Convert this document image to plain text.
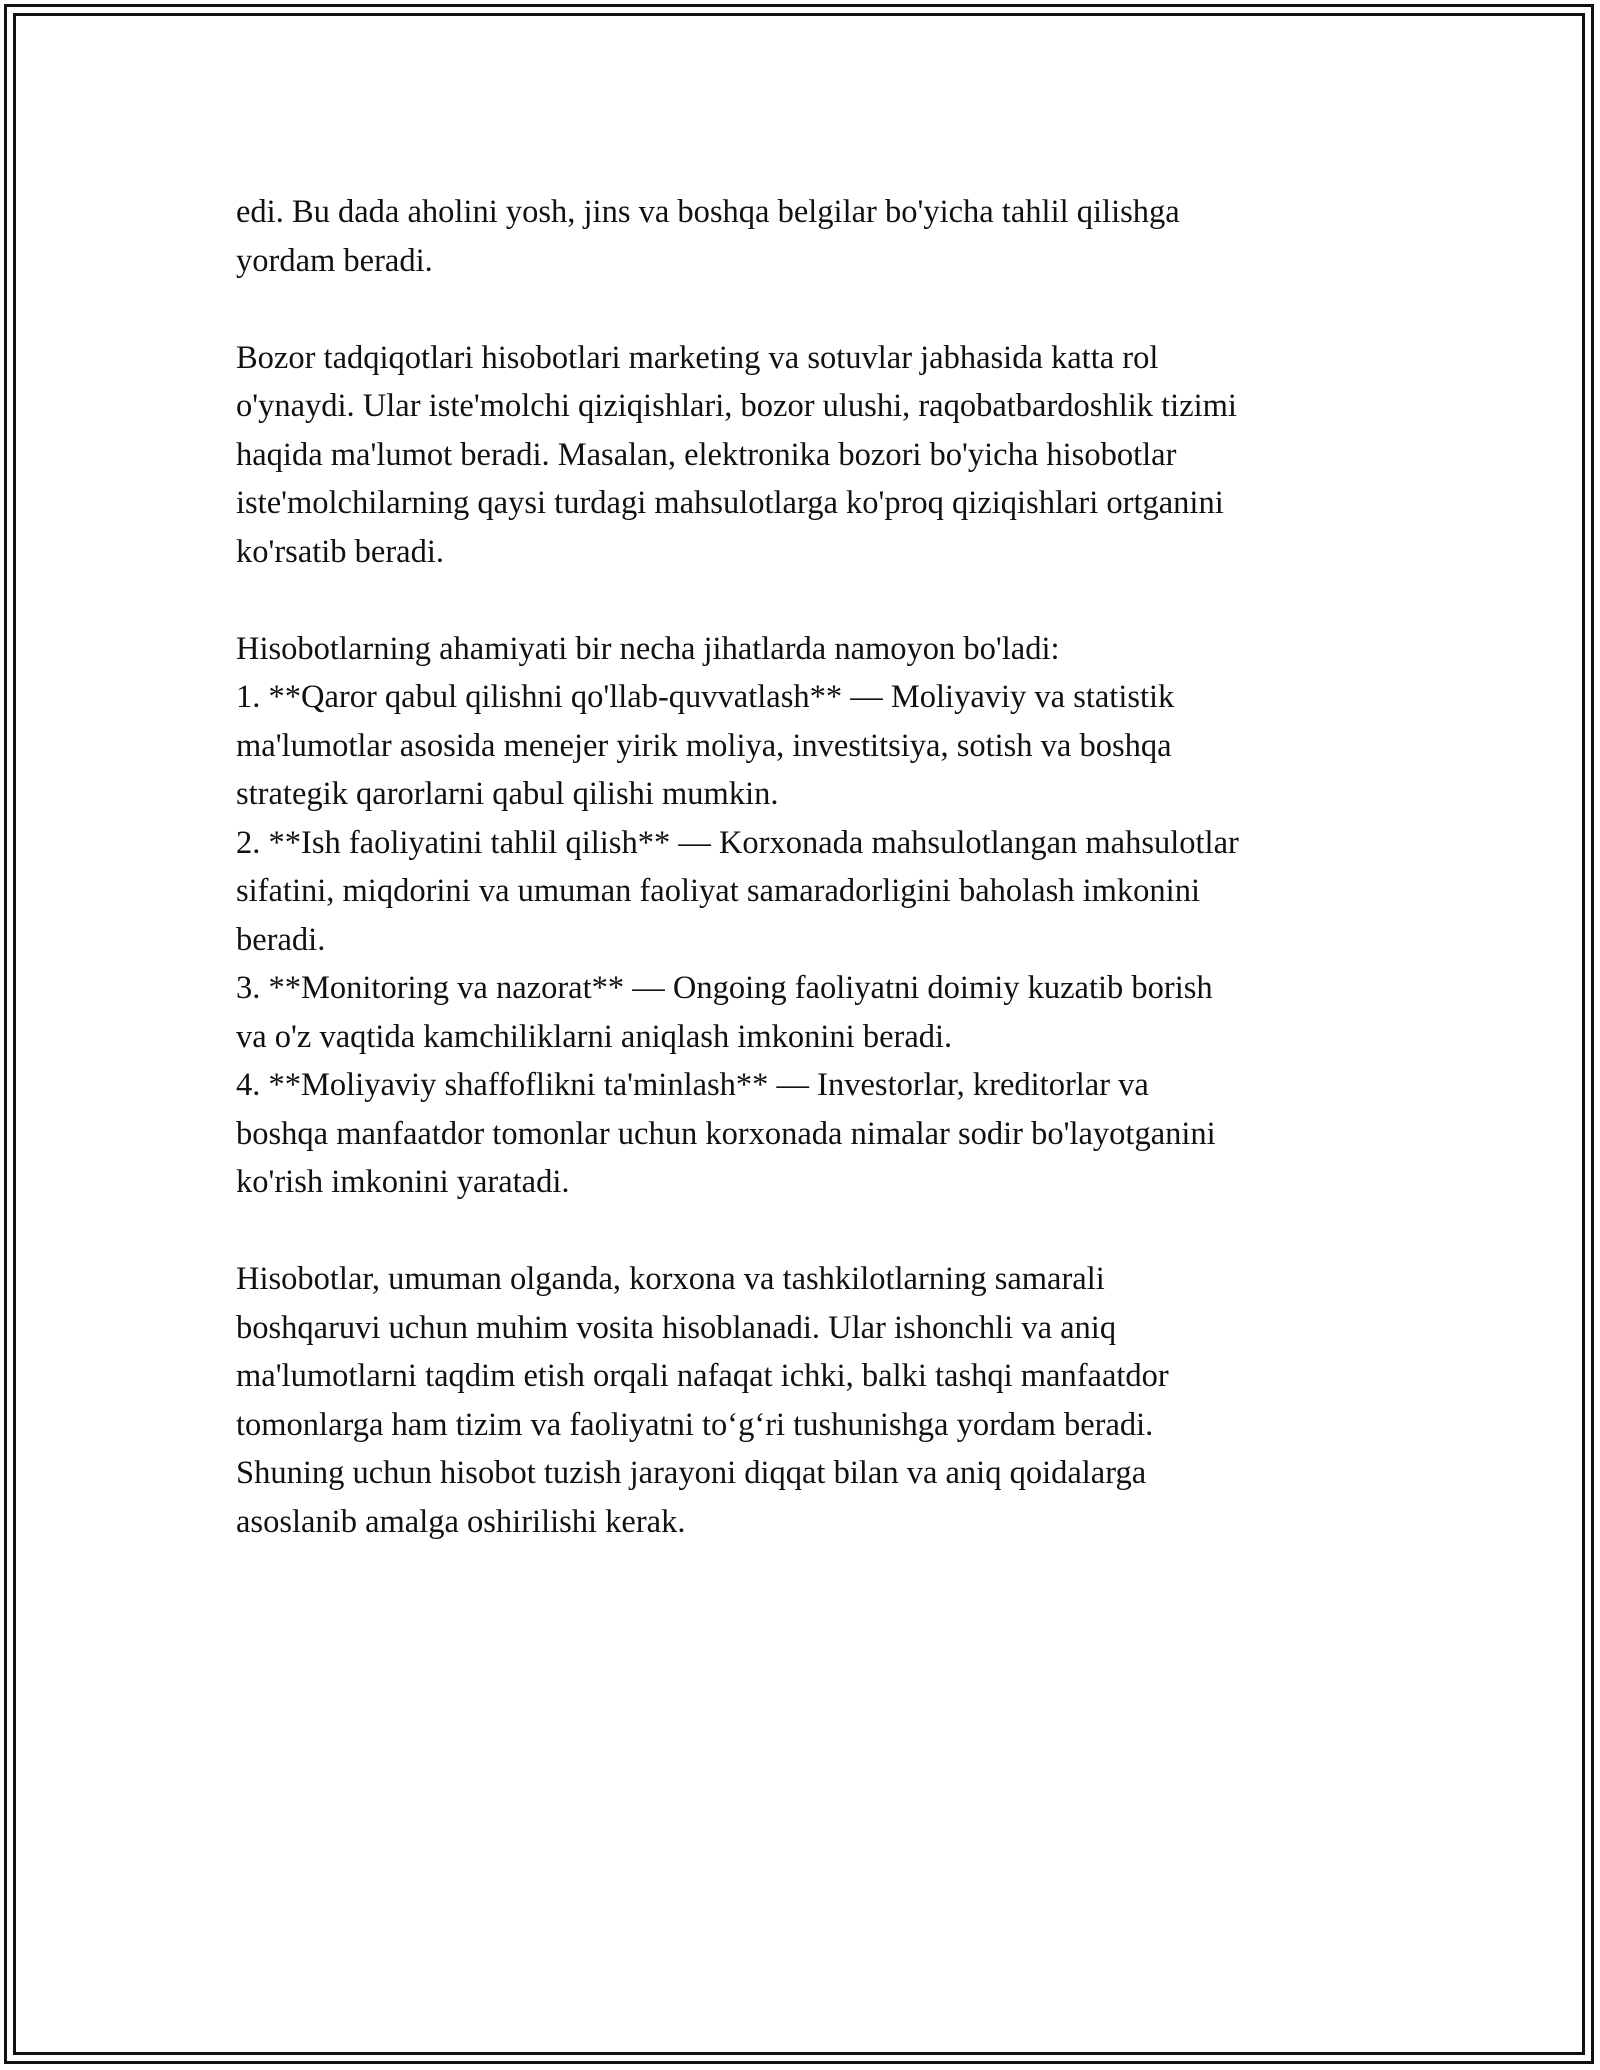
edi. Bu dada aholini yosh, jins va boshqa belgilar bo'yicha tahlil qilishga

yordam beradi.

Bozor tadqiqotlari hisobotlari marketing va sotuvlar jabhasida katta rol

o'ynaydi. Ular iste'molchi qiziqishlari, bozor ulushi, raqobatbardoshlik tizimi

haqida ma'lumot beradi. Masalan, elektronika bozori bo'yicha hisobotlar

iste'molchilarning qaysi turdagi mahsulotlarga ko'proq qiziqishlari ortganini

ko'rsatib beradi.

Hisobotlarning ahamiyati bir necha jihatlarda namoyon bo'ladi:

1. **Qaror qabul qilishni qo'llab-quvvatlash** — Moliyaviy va statistik

ma'lumotlar asosida menejer yirik moliya, investitsiya, sotish va boshqa

strategik qarorlarni qabul qilishi mumkin.

2. **Ish faoliyatini tahlil qilish** — Korxonada mahsulotlangan mahsulotlar

sifatini, miqdorini va umuman faoliyat samaradorligini baholash imkonini

beradi.

3. **Monitoring va nazorat** — Ongoing faoliyatni doimiy kuzatib borish

va o'z vaqtida kamchiliklarni aniqlash imkonini beradi.

4. **Moliyaviy shaffoflikni ta'minlash** — Investorlar, kreditorlar va

boshqa manfaatdor tomonlar uchun korxonada nimalar sodir bo'layotganini

ko'rish imkonini yaratadi.

Hisobotlar, umuman olganda, korxona va tashkilotlarning samarali

boshqaruvi uchun muhim vosita hisoblanadi. Ular ishonchli va aniq

ma'lumotlarni taqdim etish orqali nafaqat ichki, balki tashqi manfaatdor

tomonlarga ham tizim va faoliyatni to‘g‘ri tushunishga yordam beradi.

Shuning uchun hisobot tuzish jarayoni diqqat bilan va aniq qoidalarga

asoslanib amalga oshirilishi kerak.
